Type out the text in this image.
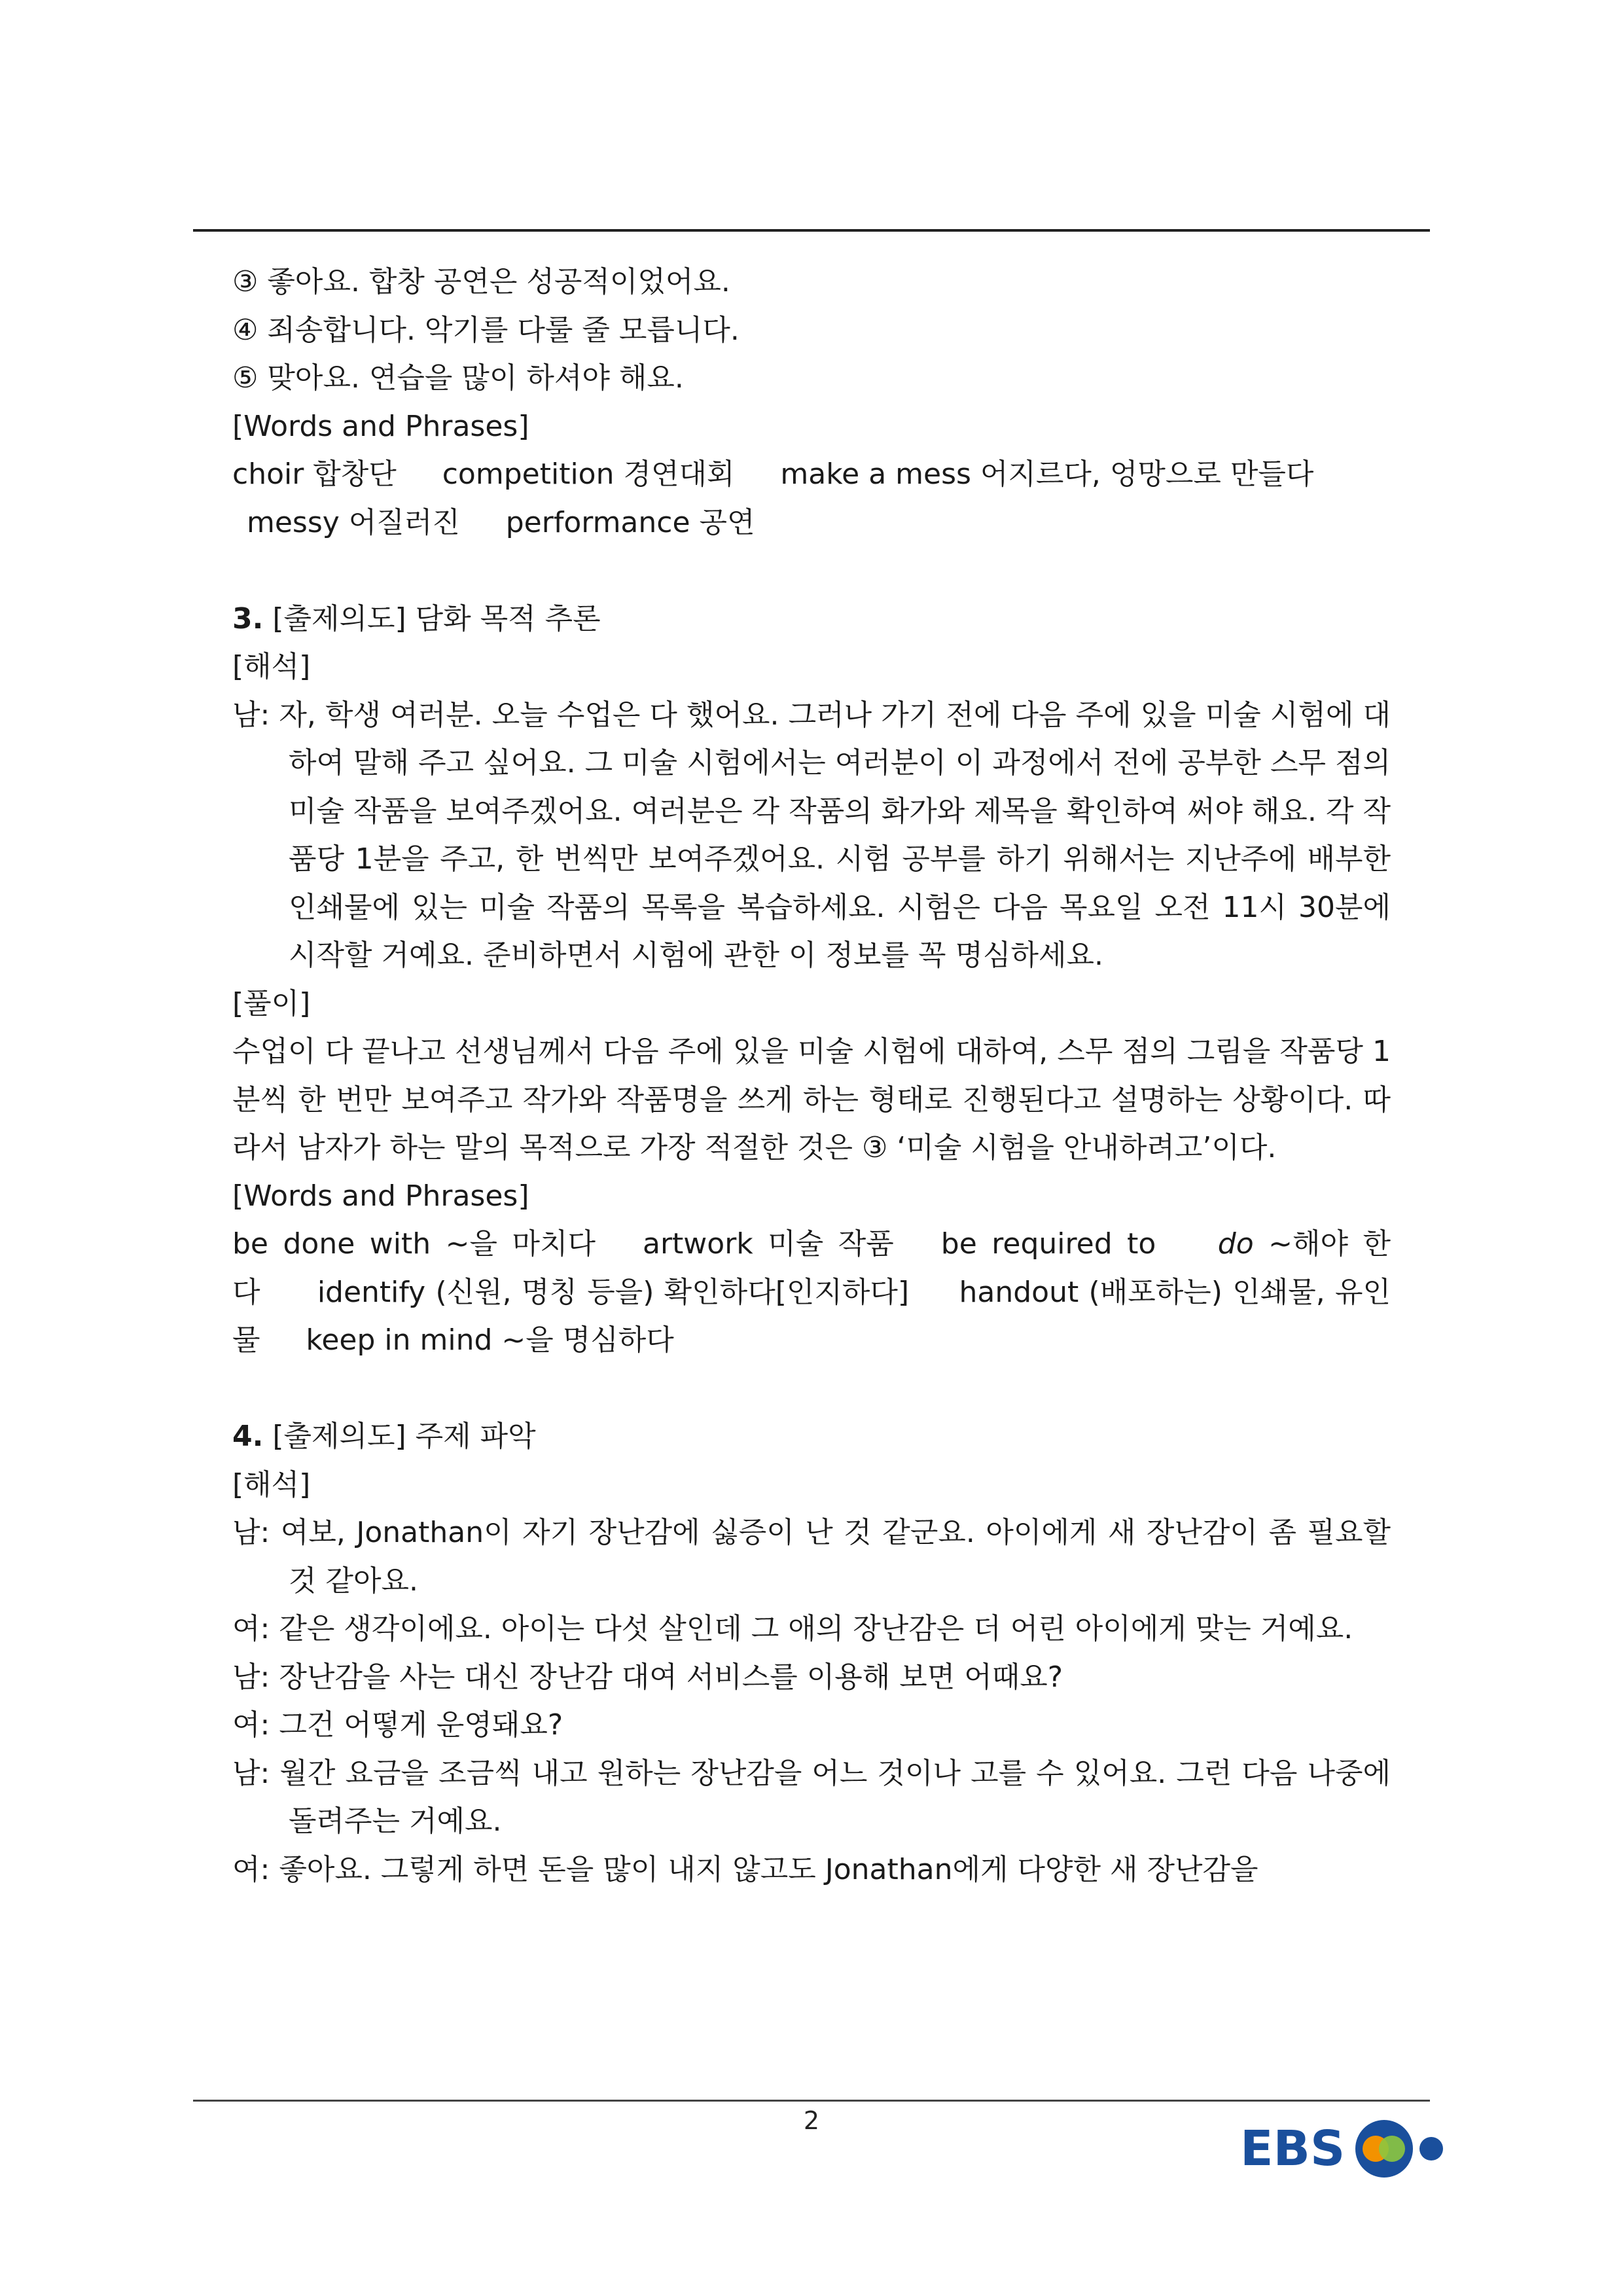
③ 좋아요. 합창 공연은 성공적이었어요.
④ 죄송합니다. 악기를 다룰 줄 모릅니다.
⑤ 맞아요. 연습을 많이 하셔야 해요.
[Words and Phrases]
choir 합창단     competition 경연대회     make a mess 어지르다, 엉망으로 만들다
messy 어질러진     performance 공연
3. [출제의도] 담화 목적 추론
[해석]
남: 자, 학생 여러분. 오늘 수업은 다 했어요. 그러나 가기 전에 다음 주에 있을 미술 시험에 대하여 말해 주고 싶어요. 그 미술 시험에서는 여러분이 이 과정에서 전에 공부한 스무 점의 미술 작품을 보여주겠어요. 여러분은 각 작품의 화가와 제목을 확인하여 써야 해요. 각 작품당 1분을 주고, 한 번씩만 보여주겠어요. 시험 공부를 하기 위해서는 지난주에 배부한 인쇄물에 있는 미술 작품의 목록을 복습하세요. 시험은 다음 목요일 오전 11시 30분에 시작할 거예요. 준비하면서 시험에 관한 이 정보를 꼭 명심하세요.
[풀이]
수업이 다 끝나고 선생님께서 다음 주에 있을 미술 시험에 대하여, 스무 점의 그림을 작품당 1분씩 한 번만 보여주고 작가와 작품명을 쓰게 하는 형태로 진행된다고 설명하는 상황이다. 따라서 남자가 하는 말의 목적으로 가장 적절한 것은 ③ ‘미술 시험을 안내하려고’이다.
[Words and Phrases]
be done with ~을 마치다 artwork 미술 작품 be required to do ~해야 한다 identify (신원, 명칭 등을) 확인하다[인지하다]     handout (배포하는) 인쇄물, 유인물     keep in mind ~을 명심하다
4. [출제의도] 주제 파악
[해석]
남: 여보, Jonathan이 자기 장난감에 싫증이 난 것 같군요. 아이에게 새 장난감이 좀 필요할 것 같아요.
여: 같은 생각이에요. 아이는 다섯 살인데 그 애의 장난감은 더 어린 아이에게 맞는 거예요.
남: 장난감을 사는 대신 장난감 대여 서비스를 이용해 보면 어때요?
여: 그건 어떻게 운영돼요?
남: 월간 요금을 조금씩 내고 원하는 장난감을 어느 것이나 고를 수 있어요. 그런 다음 나중에 돌려주는 거예요.
여: 좋아요. 그렇게 하면 돈을 많이 내지 않고도 Jonathan에게 다양한 새 장난감을
2	EBS
